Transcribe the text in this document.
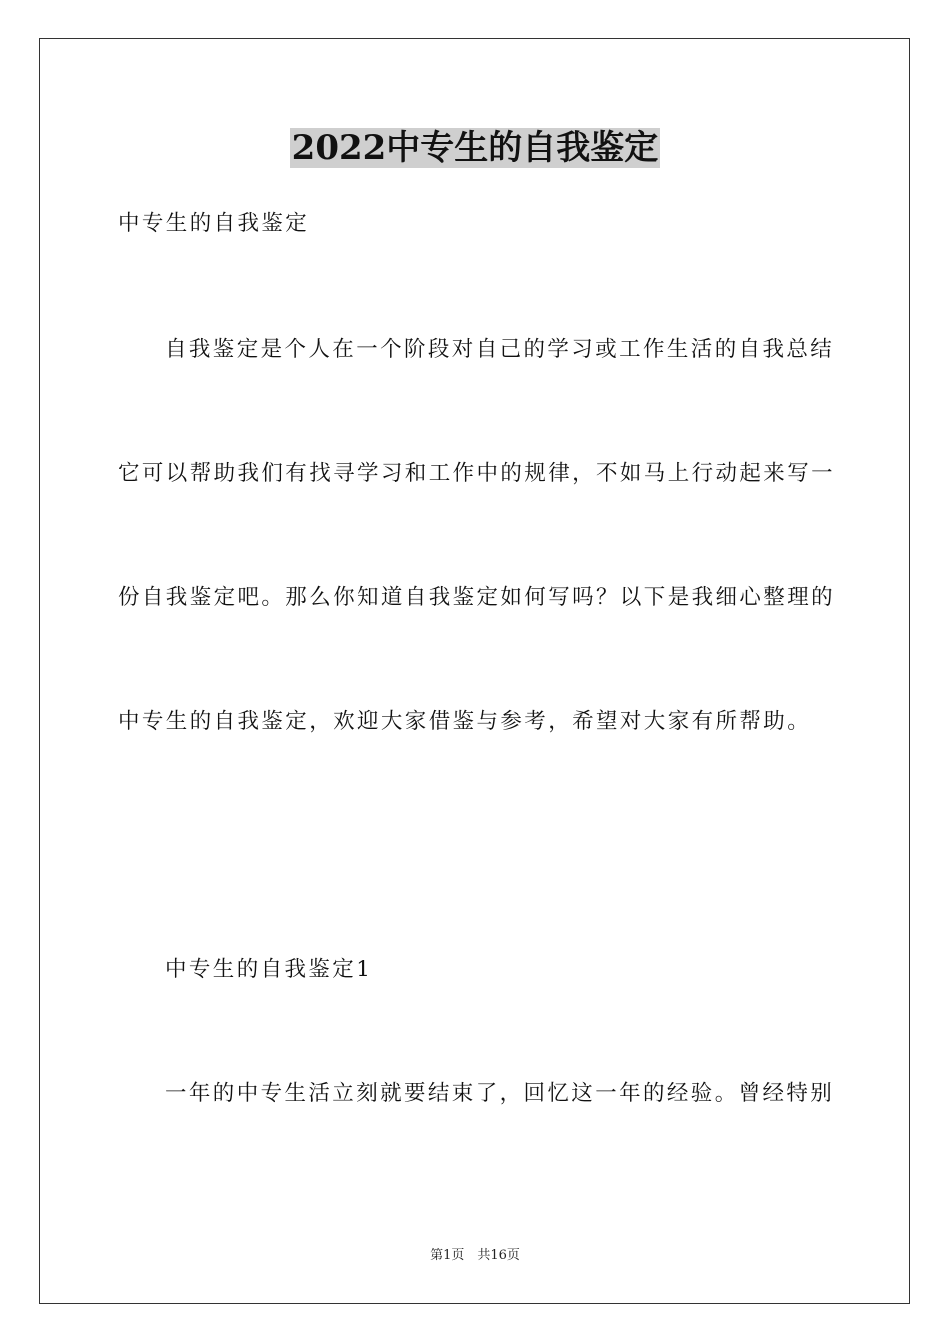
2022中专生的自我鉴定

中专生的自我鉴定

自我鉴定是个人在一个阶段对自己的学习或工作生活的自我总结

它可以帮助我们有找寻学习和工作中的规律，不如马上行动起来写一

份自我鉴定吧。那么你知道自我鉴定如何写吗？以下是我细心整理的

中专生的自我鉴定，欢迎大家借鉴与参考，希望对大家有所帮助。

中专生的自我鉴定1

一年的中专生活立刻就要结束了，回忆这一年的经验。曾经特别

第1页　共16页
